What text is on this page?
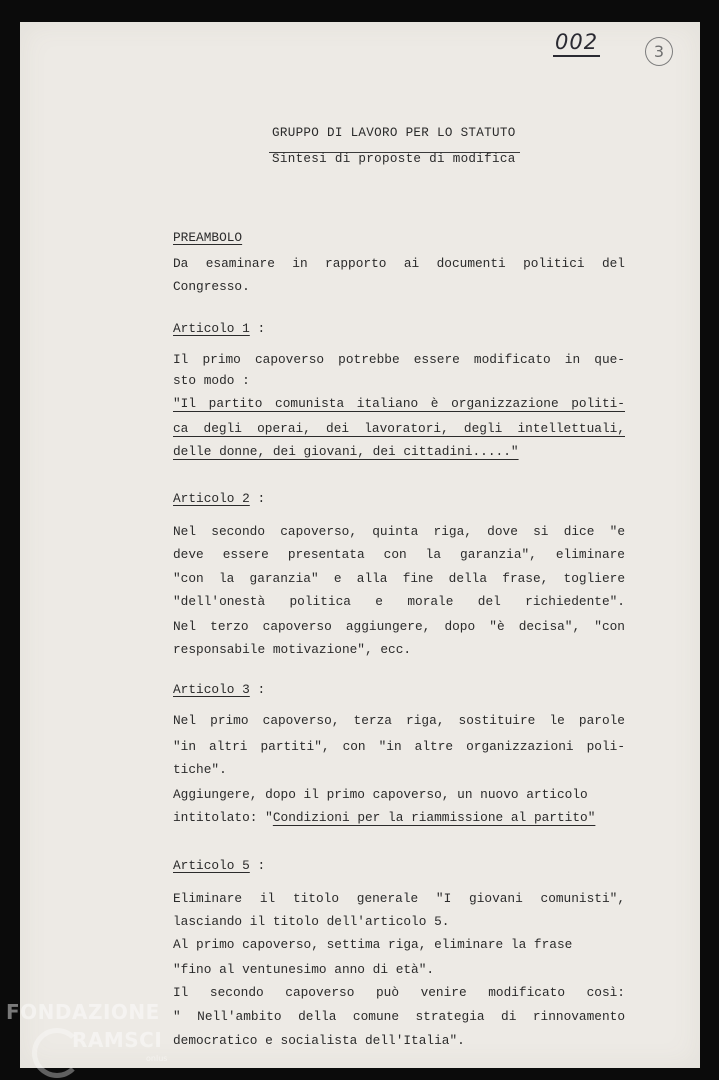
002	3
GRUPPO DI LAVORO PER LO STATUTO
Sintesi di proposte di modifica
PREAMBOLO
Da esaminare in rapporto ai documenti politici del
Congresso.
Articolo 1 :
Il primo capoverso potrebbe essere modificato in que-
sto modo :
"Il partito comunista italiano è organizzazione politi-
ca degli operai, dei lavoratori, degli intellettuali,
delle donne, dei giovani, dei cittadini....."
Articolo 2 :
Nel secondo capoverso, quinta riga, dove si dice "e
deve essere presentata con la garanzia", eliminare
"con la garanzia" e alla fine della frase, togliere
"dell'onestà politica e morale del richiedente".
Nel terzo capoverso aggiungere, dopo "è decisa", "con
responsabile motivazione", ecc.
Articolo 3 :
Nel primo capoverso, terza riga, sostituire le parole
"in altri partiti", con "in altre organizzazioni poli-
tiche".
Aggiungere, dopo il primo capoverso, un nuovo articolo
intitolato: "Condizioni per la riammissione al partito"
Articolo 5 :
Eliminare il titolo generale "I giovani comunisti",
lasciando il titolo dell'articolo 5.
Al primo capoverso, settima riga, eliminare la frase
"fino al ventunesimo anno di età".
Il secondo capoverso può venire modificato così:
" Nell'ambito della comune strategia di rinnovamento
democratico e socialista dell'Italia".
FONDAZIONE
RAMSCI
onlus
